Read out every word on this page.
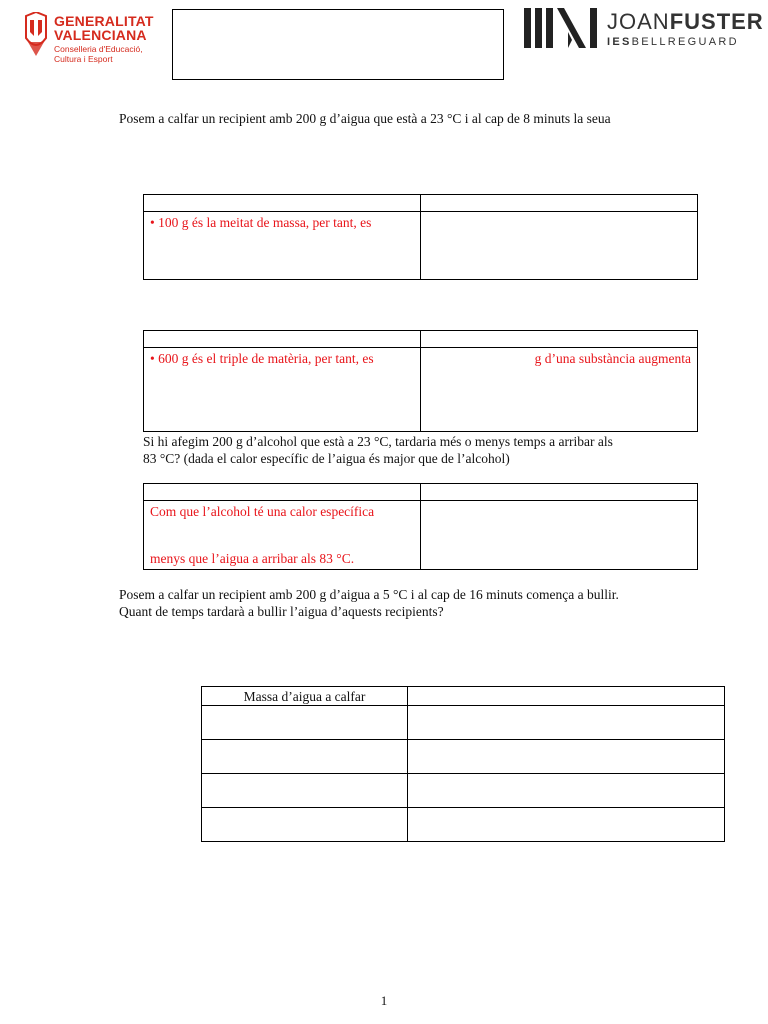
GENERALITAT
VALENCIANA
Conselleria d'Educació,
Cultura i Esport
JOANFUSTER
IESBELLREGUARD
Posem a calfar un recipient amb 200 g d’aigua que està a 23 °C i al cap de 8 minuts la seua

• 100 g és la meitat de massa, per tant, es	

• 600 g és el triple de matèria, per tant, es	g d’una substància augmenta
Si hi afegim 200 g d’alcohol que està a 23 °C, tardaria més o menys temps a arribar als
83 °C? (dada el calor específic de l’aigua és major que de l’alcohol)

Com que l’alcohol té una calor específica
menys que l’aigua a arribar als 83 °C.	

Posem a calfar un recipient amb 200 g d’aigua a 5 °C i al cap de 16 minuts comença a bullir.
Quant de temps tardarà a bullir l’aigua d’aquests recipients?
Massa d’aigua a calfar	

1
